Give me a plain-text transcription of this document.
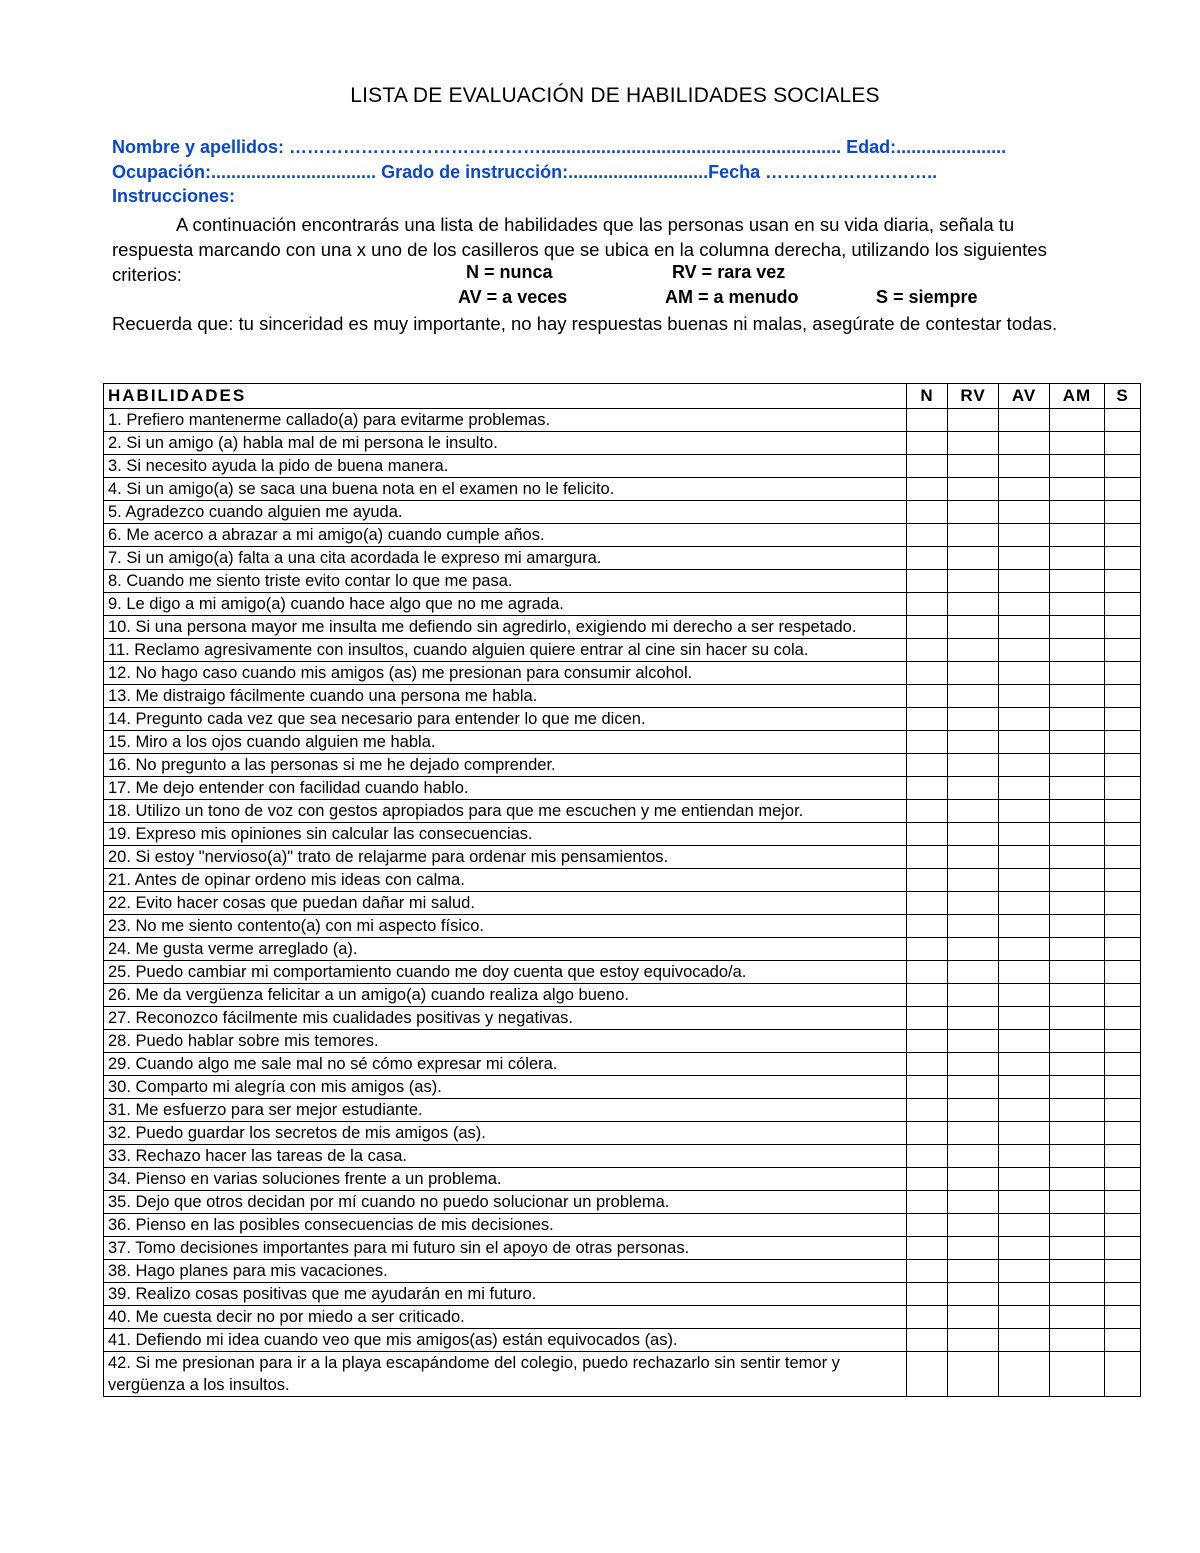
LISTA DE EVALUACIÓN DE HABILIDADES SOCIALES
Nombre y apellidos: ……………………………………............................................................ Edad:......................
Ocupación:................................. Grado de instrucción:............................Fecha ………………………..
Instrucciones:
A continuación encontrarás una lista de habilidades que las personas usan en su vida diaria, señala tu respuesta marcando con una x uno de los casilleros que se ubica en la columna derecha, utilizando los siguientes criterios:	N = nunca	RV = rara vez
AV = a veces	AM = a menudo	S = siempre
Recuerda que: tu sinceridad es muy importante, no hay respuestas buenas ni malas, asegúrate de contestar todas.
HABILIDADES	N	RV	AV	AM	S
1. Prefiero mantenerme callado(a) para evitarme problemas.					
2. Si un amigo (a) habla mal de mi persona le insulto.					
3. Si necesito ayuda la pido de buena manera.					
4. Si un amigo(a) se saca una buena nota en el examen no le felicito.					
5. Agradezco cuando alguien me ayuda.					
6. Me acerco a abrazar a mi amigo(a) cuando cumple años.					
7. Si un amigo(a) falta a una cita acordada le expreso mi amargura.					
8. Cuando me siento triste evito contar lo que me pasa.					
9. Le digo a mi amigo(a) cuando hace algo que no me agrada.					
10. Si una persona mayor me insulta me defiendo sin agredirlo, exigiendo mi derecho a ser respetado.					
11. Reclamo agresivamente con insultos, cuando alguien quiere entrar al cine sin hacer su cola.					
12. No hago caso cuando mis amigos (as) me presionan para consumir alcohol.					
13. Me distraigo fácilmente cuando una persona me habla.					
14. Pregunto cada vez que sea necesario para entender lo que me dicen.					
15. Miro a los ojos cuando alguien me habla.					
16. No pregunto a las personas si me he dejado comprender.					
17. Me dejo entender con facilidad cuando hablo.					
18. Utilizo un tono de voz con gestos apropiados para que me escuchen y me entiendan mejor.					
19. Expreso mis opiniones sin calcular las consecuencias.					
20. Si estoy "nervioso(a)" trato de relajarme para ordenar mis pensamientos.					
21. Antes de opinar ordeno mis ideas con calma.					
22. Evito hacer cosas que puedan dañar mi salud.					
23. No me siento contento(a) con mi aspecto físico.					
24. Me gusta verme arreglado (a).					
25. Puedo cambiar mi comportamiento cuando me doy cuenta que estoy equivocado/a.					
26. Me da vergüenza felicitar a un amigo(a) cuando realiza algo bueno.					
27. Reconozco fácilmente mis cualidades positivas y negativas.					
28. Puedo hablar sobre mis temores.					
29. Cuando algo me sale mal no sé cómo expresar mi cólera.					
30. Comparto mi alegría con mis amigos (as).					
31. Me esfuerzo para ser mejor estudiante.					
32. Puedo guardar los secretos de mis amigos (as).					
33. Rechazo hacer las tareas de la casa.					
34. Pienso en varias soluciones frente a un problema.					
35. Dejo que otros decidan por mí cuando no puedo solucionar un problema.					
36. Pienso en las posibles consecuencias de mis decisiones.					
37. Tomo decisiones importantes para mi futuro sin el apoyo de otras personas.					
38. Hago planes para mis vacaciones.					
39. Realizo cosas positivas que me ayudarán en mi futuro.					
40. Me cuesta decir no por miedo a ser criticado.					
41. Defiendo mi idea cuando veo que mis amigos(as) están equivocados (as).					
42. Si me presionan para ir a la playa escapándome del colegio, puedo rechazarlo sin sentir temor y vergüenza a los insultos.					
